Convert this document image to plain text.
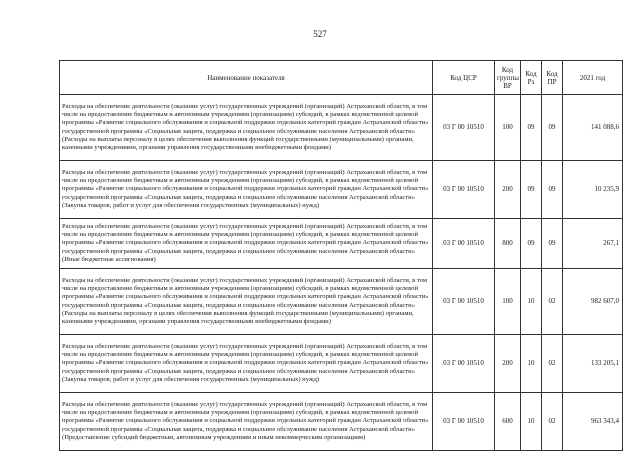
527
Наименование показателя	Код ЦСР	Код группы ВР	Код Рз	Код ПР	2021 год
Расходы на обеспечение деятельности (оказание услуг) государственных учреждений (организаций) Астраханской области, в том числе на предоставление бюджетным и автономным учреждениям (организациям) субсидий, в рамках ведомственной целевой программы «Развитие социального обслуживания и социальной поддержки отдельных категорий граждан Астраханской области» государственной программы «Социальная защита, поддержка и социальное обслуживание населения Астраханской области» (Расходы на выплаты персоналу в целях обеспечения выполнения функций государственными (муниципальными) органами, казенными учреждениями, органами управления государственными внебюджетными фондами)	03 Г 00 10510	100	09	09	141 088,6
Расходы на обеспечение деятельности (оказание услуг) государственных учреждений (организаций) Астраханской области, в том числе на предоставление бюджетным и автономным учреждениям (организациям) субсидий, в рамках ведомственной целевой программы «Развитие социального обслуживания и социальной поддержки отдельных категорий граждан Астраханской области» государственной программы «Социальная защита, поддержка и социальное обслуживание населения Астраханской области» (Закупка товаров, работ и услуг для обеспечения государственных (муниципальных) нужд)	03 Г 00 10510	200	09	09	10 235,9
Расходы на обеспечение деятельности (оказание услуг) государственных учреждений (организаций) Астраханской области, в том числе на предоставление бюджетным и автономным учреждениям (организациям) субсидий, в рамках ведомственной целевой программы «Развитие социального обслуживания и социальной поддержки отдельных категорий граждан Астраханской области» государственной программы «Социальная защита, поддержка и социальное обслуживание населения Астраханской области» (Иные бюджетные ассигнования)	03 Г 00 10510	800	09	09	267,1
Расходы на обеспечение деятельности (оказание услуг) государственных учреждений (организаций) Астраханской области, в том числе на предоставление бюджетным и автономным учреждениям (организациям) субсидий, в рамках ведомственной целевой программы «Развитие социального обслуживания и социальной поддержки отдельных категорий граждан Астраханской области» государственной программы «Социальная защита, поддержка и социальное обслуживание населения Астраханской области» (Расходы на выплаты персоналу в целях обеспечения выполнения функций государственными (муниципальными) органами, казенными учреждениями, органами управления государственными внебюджетными фондами)	03 Г 00 10510	100	10	02	982 607,0
Расходы на обеспечение деятельности (оказание услуг) государственных учреждений (организаций) Астраханской области, в том числе на предоставление бюджетным и автономным учреждениям (организациям) субсидий, в рамках ведомственной целевой программы «Развитие социального обслуживания и социальной поддержки отдельных категорий граждан Астраханской области» государственной программы «Социальная защита, поддержка и социальное обслуживание населения Астраханской области» (Закупка товаров, работ и услуг для обеспечения государственных (муниципальных) нужд)	03 Г 00 10510	200	10	02	133 205,1
Расходы на обеспечение деятельности (оказание услуг) государственных учреждений (организаций) Астраханской области, в том числе на предоставление бюджетным и автономным учреждениям (организациям) субсидий, в рамках ведомственной целевой программы «Развитие социального обслуживания и социальной поддержки отдельных категорий граждан Астраханской области» государственной программы «Социальная защита, поддержка и социальное обслуживание населения Астраханской области» (Предоставление субсидий бюджетным, автономным учреждениям и иным некоммерческим организациям)	03 Г 00 10510	600	10	02	963 343,4
